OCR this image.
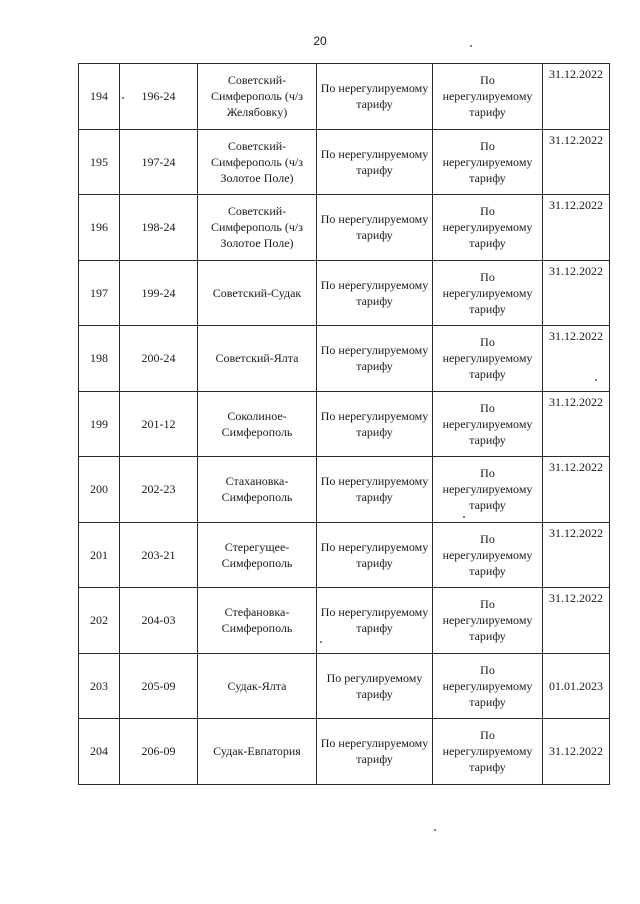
20
194	196-24	Советский-Симферополь (ч/з Желябовку)	По нерегулируемому тарифу	По нерегулируемому тарифу	31.12.2022
195	197-24	Советский-Симферополь (ч/з Золотое Поле)	По нерегулируемому тарифу	По нерегулируемому тарифу	31.12.2022
196	198-24	Советский-Симферополь (ч/з Золотое Поле)	По нерегулируемому тарифу	По нерегулируемому тарифу	31.12.2022
197	199-24	Советский-Судак	По нерегулируемому тарифу	По нерегулируемому тарифу	31.12.2022
198	200-24	Советский-Ялта	По нерегулируемому тарифу	По нерегулируемому тарифу	31.12.2022
199	201-12	Соколиное-Симферополь	По нерегулируемому тарифу	По нерегулируемому тарифу	31.12.2022
200	202-23	Стахановка-Симферополь	По нерегулируемому тарифу	По нерегулируемому тарифу	31.12.2022
201	203-21	Стерегущее-Симферополь	По нерегулируемому тарифу	По нерегулируемому тарифу	31.12.2022
202	204-03	Стефановка-Симферополь	По нерегулируемому тарифу	По нерегулируемому тарифу	31.12.2022
203	205-09	Судак-Ялта	По регулируемому тарифу	По нерегулируемому тарифу	01.01.2023
204	206-09	Судак-Евпатория	По нерегулируемому тарифу	По нерегулируемому тарифу	31.12.2022
